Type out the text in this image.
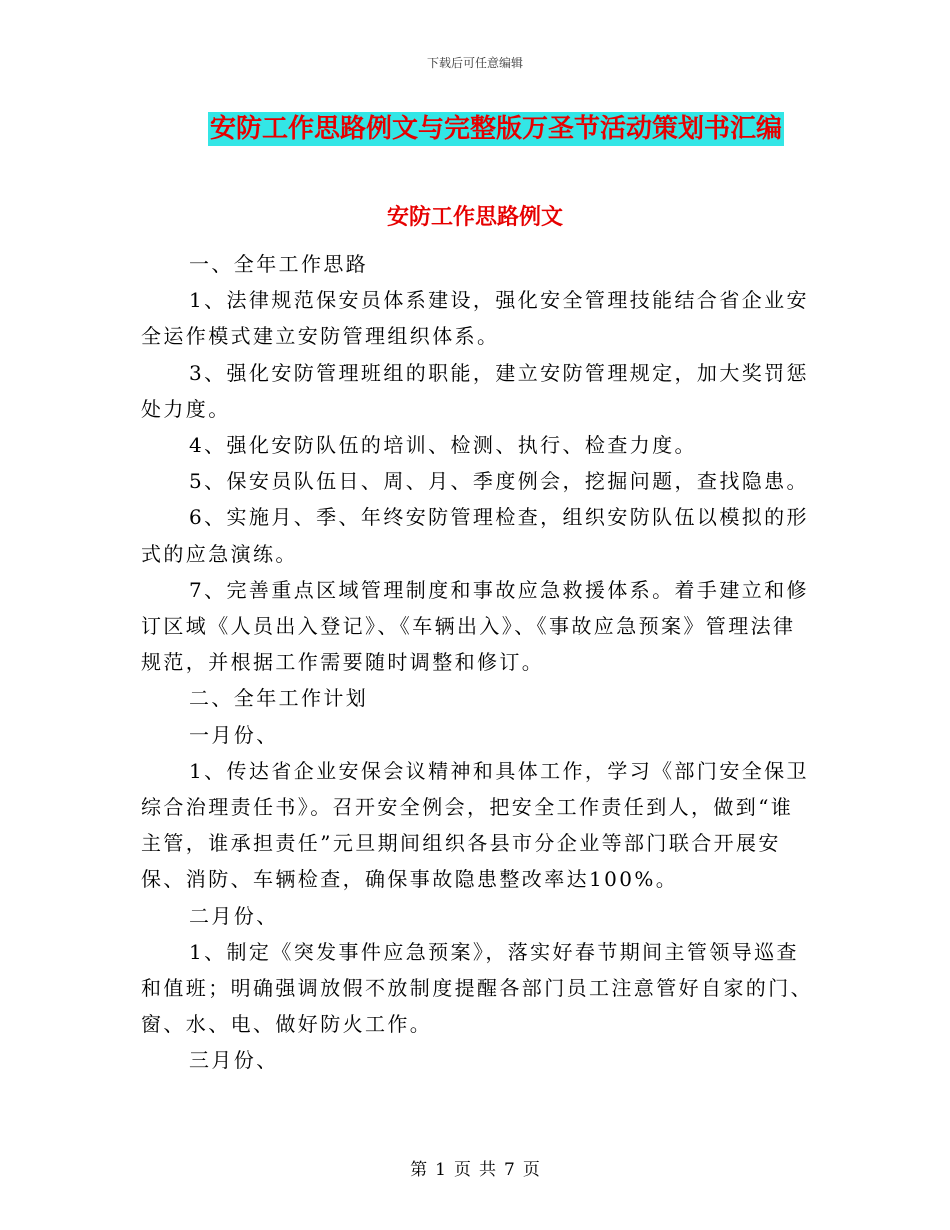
下载后可任意编辑
安防工作思路例文与完整版万圣节活动策划书汇编
安防工作思路例文

一、全年工作思路

1、法律规范保安员体系建设，强化安全管理技能结合省企业安全运作模式建立安防管理组织体系。

3、强化安防管理班组的职能，建立安防管理规定，加大奖罚惩处力度。

4、强化安防队伍的培训、检测、执行、检查力度。

5、保安员队伍日、周、月、季度例会，挖掘问题，查找隐患。

6、实施月、季、年终安防管理检查，组织安防队伍以模拟的形式的应急演练。

7、完善重点区域管理制度和事故应急救援体系。着手建立和修订区域《人员出入登记》、《车辆出入》、《事故应急预案》管理法律规范，并根据工作需要随时调整和修订。

二、全年工作计划

一月份、

1、传达省企业安保会议精神和具体工作，学习《部门安全保卫综合治理责任书》。召开安全例会，把安全工作责任到人，做到“谁主管，谁承担责任”元旦期间组织各县市分企业等部门联合开展安保、消防、车辆检查，确保事故隐患整改率达100%。

二月份、

1、制定《突发事件应急预案》，落实好春节期间主管领导巡查和值班；明确强调放假不放制度提醒各部门员工注意管好自家的门、窗、水、电、做好防火工作。

三月份、

第 1 页 共 7 页
